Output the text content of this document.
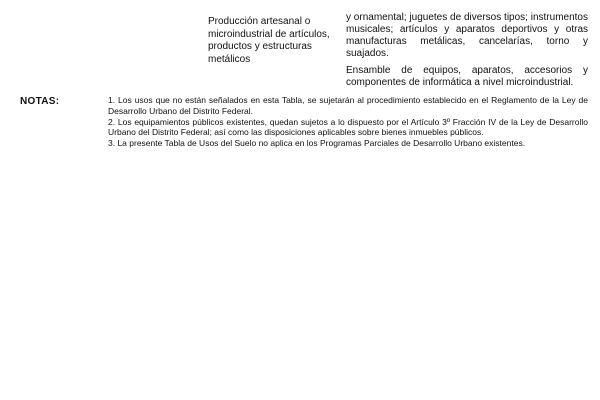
Producción artesanal o microindustrial de artículos, productos y estructuras metálicos

y ornamental; juguetes de diversos tipos; instrumentos musicales; artículos y aparatos deportivos y otras manufacturas metálicas, cancelarías, torno y suajados.

Ensamble de equipos, aparatos, accesorios y componentes de informática a nivel microindustrial.

NOTAS:	1. Los usos que no están señalados en esta Tabla, se sujetarán al procedimiento establecido en el Reglamento de la Ley de Desarrollo Urbano del Distrito Federal.

2. Los equipamientos públicos existentes, quedan sujetos a lo dispuesto por el Artículo 3º Fracción IV de la Ley de Desarrollo Urbano del Distrito Federal; así como las disposiciones aplicables sobre bienes inmuebles públicos.

3. La presente Tabla de Usos del Suelo no aplica en los Programas Parciales de Desarrollo Urbano existentes.
